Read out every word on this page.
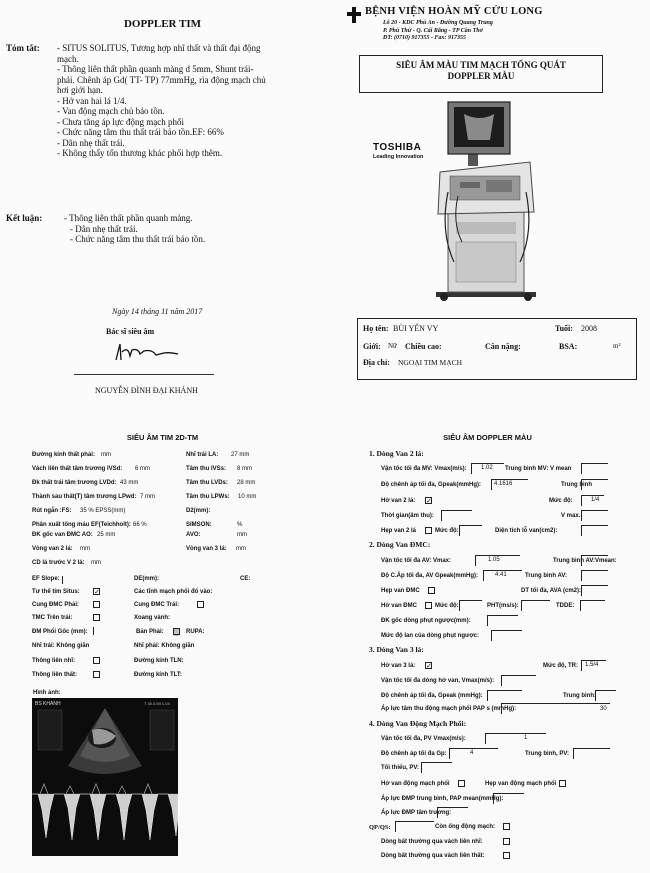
DOPPLER TIM
Tóm tắt: - SITUS SOLITUS, Tương hợp nhĩ thất và thất đại động
mạch.
- Thông liên thất phần quanh màng d 5mm, Shunt trái-
phải. Chênh áp Gd( TT- TP) 77mmHg, rìa động mạch chủ
hơi giới hạn.
- Hở van hai lá 1/4.
- Van động mạch chủ bảo tồn.
- Chưa tăng áp lực động mạch phổi
- Chức năng tâm thu thất trái bảo tồn.EF: 66%
- Dãn nhẹ thất trái.
- Không thấy tổn thương khác phối hợp thêm.
Kết luận: - Thông liên thất phần quanh màng.
- Dãn nhẹ thất trái.
- Chức năng tâm thu thất trái bảo tồn.
Ngày 14 tháng 11 năm 2017
Bác sĩ siêu âm
NGUYỄN ĐÌNH ĐẠI KHÁNH
BỆNH VIỆN HOÀN MỸ CỬU LONG
Lô 20 - KDC Phú An - Đường Quang Trung
P. Phú Thứ - Q. Cái Răng - TP Cần Thơ
ĐT: (0710) 917355 - Fax: 917355
SIÊU ÂM MÀU TIM MẠCH TỔNG QUÁT
DOPPLER MÀU
TOSHIBA
Leading Innovation
Họ tên: BÙI YẾN VY	Tuổi: 2008
Giới: Nữ Chiều cao:	Cân nặng:	BSA:	m²
Địa chỉ: NGOẠI TIM MẠCH
SIÊU ÂM TIM 2D-TM
Đường kính thất phải: mm	Nhĩ trái LA: 27 mm
Vách liên thất tâm trương IVSd: 6 mm	Tâm thu IVSs: 8 mm
Đk thất trái tâm trương LVDd: 43 mm	Tâm thu LVDs: 28 mm
Thành sau thất(T) tâm trương LPwd: 7 mm	Tâm thu LPWs: 10 mm
Rút ngắn :FS: 35 % EPSS(mm)	D2(mm):
Phân xuất tống máu EF(Teichholt): 66 %	SIMSON:	%
ĐK gốc van ĐMC AO: 25 mm	AVO:	mm
Vòng van 2 lá: mm	Vòng van 3 lá: mm
CD lá trước V 2 lá: mm
EF Slope:	DE(mm):	CE:
Tư thế tim Situs: ✓	Các tĩnh mạch phổi đổ vào:
Cung ĐMC Phải:	Cung ĐMC Trái:
TMC Trên trái:	Xoang vành:
ĐM Phổi Gốc (mm):	Bản Phải: ▒ RUPA:
Nhĩ trái: Không giãn	Nhĩ phải: Không giãn
Thông liên nhĩ:	Đường kính TLN:
Thông liên thất:	Đường kính TLT:
Hình ảnh:
BS KHANH	T 30.4 MI 1.04
SIÊU ÂM DOPPLER MÀU
1. Dòng Van 2 lá:
Vận tốc tối đa MV: Vmax(m/s): 1.02 Trung bình MV: V mean
Độ chênh áp tối đa, Gpeak(mmHg): 4.1616	Trung bình
Hở van 2 lá: ✓	Mức độ:	1/4
Thời gian(âm thu):	V max.
Hẹp van 2 lá	Mức độ:	Diện tích lỗ van(cm2):
2. Dòng Van ĐMC:
Vận tốc tối đa AV: Vmax:	1.05	Trung bình AV:Vmean:
Độ C.Áp tối đa, AV Gpeak(mmHg):	4.41	Trung bình AV:
Hẹp van ĐMC	DT tối đa, AVA (cm2):
Hở van ĐMC	Mức độ:	PHT(ms/s):	TDDE:
ĐK gốc dòng phụt ngược(mm):
Mức độ lan của dòng phụt ngược:
3. Dòng Van 3 lá:
Hở van 3 lá: ✓	Mức độ, TR: 1.5/4
Vận tốc tối đa dòng hở van, Vmax(m/s):
Độ chênh áp tối đa, Gpeak (mmHg):	Trung bình:
Áp lực tâm thu động mạch phổi PAP s (mmHg):	30
4. Dòng Van Động Mạch Phổi:
Vận tốc tối đa, PV Vmax(m/s):	1
Độ chênh áp tối đa Gp:	4	Trung bình, PV:
Tối thiểu, PV:
Hở van động mạch phổi	Hẹp van động mạch phổi
Áp lực ĐMP trung bình, PAP mean(mmHg):
Áp lực ĐMP tâm trương:
QP/QS:	Còn ống động mạch:
Dòng bất thường qua vách liên nhĩ:
Dòng bất thường qua vách liên thất:
